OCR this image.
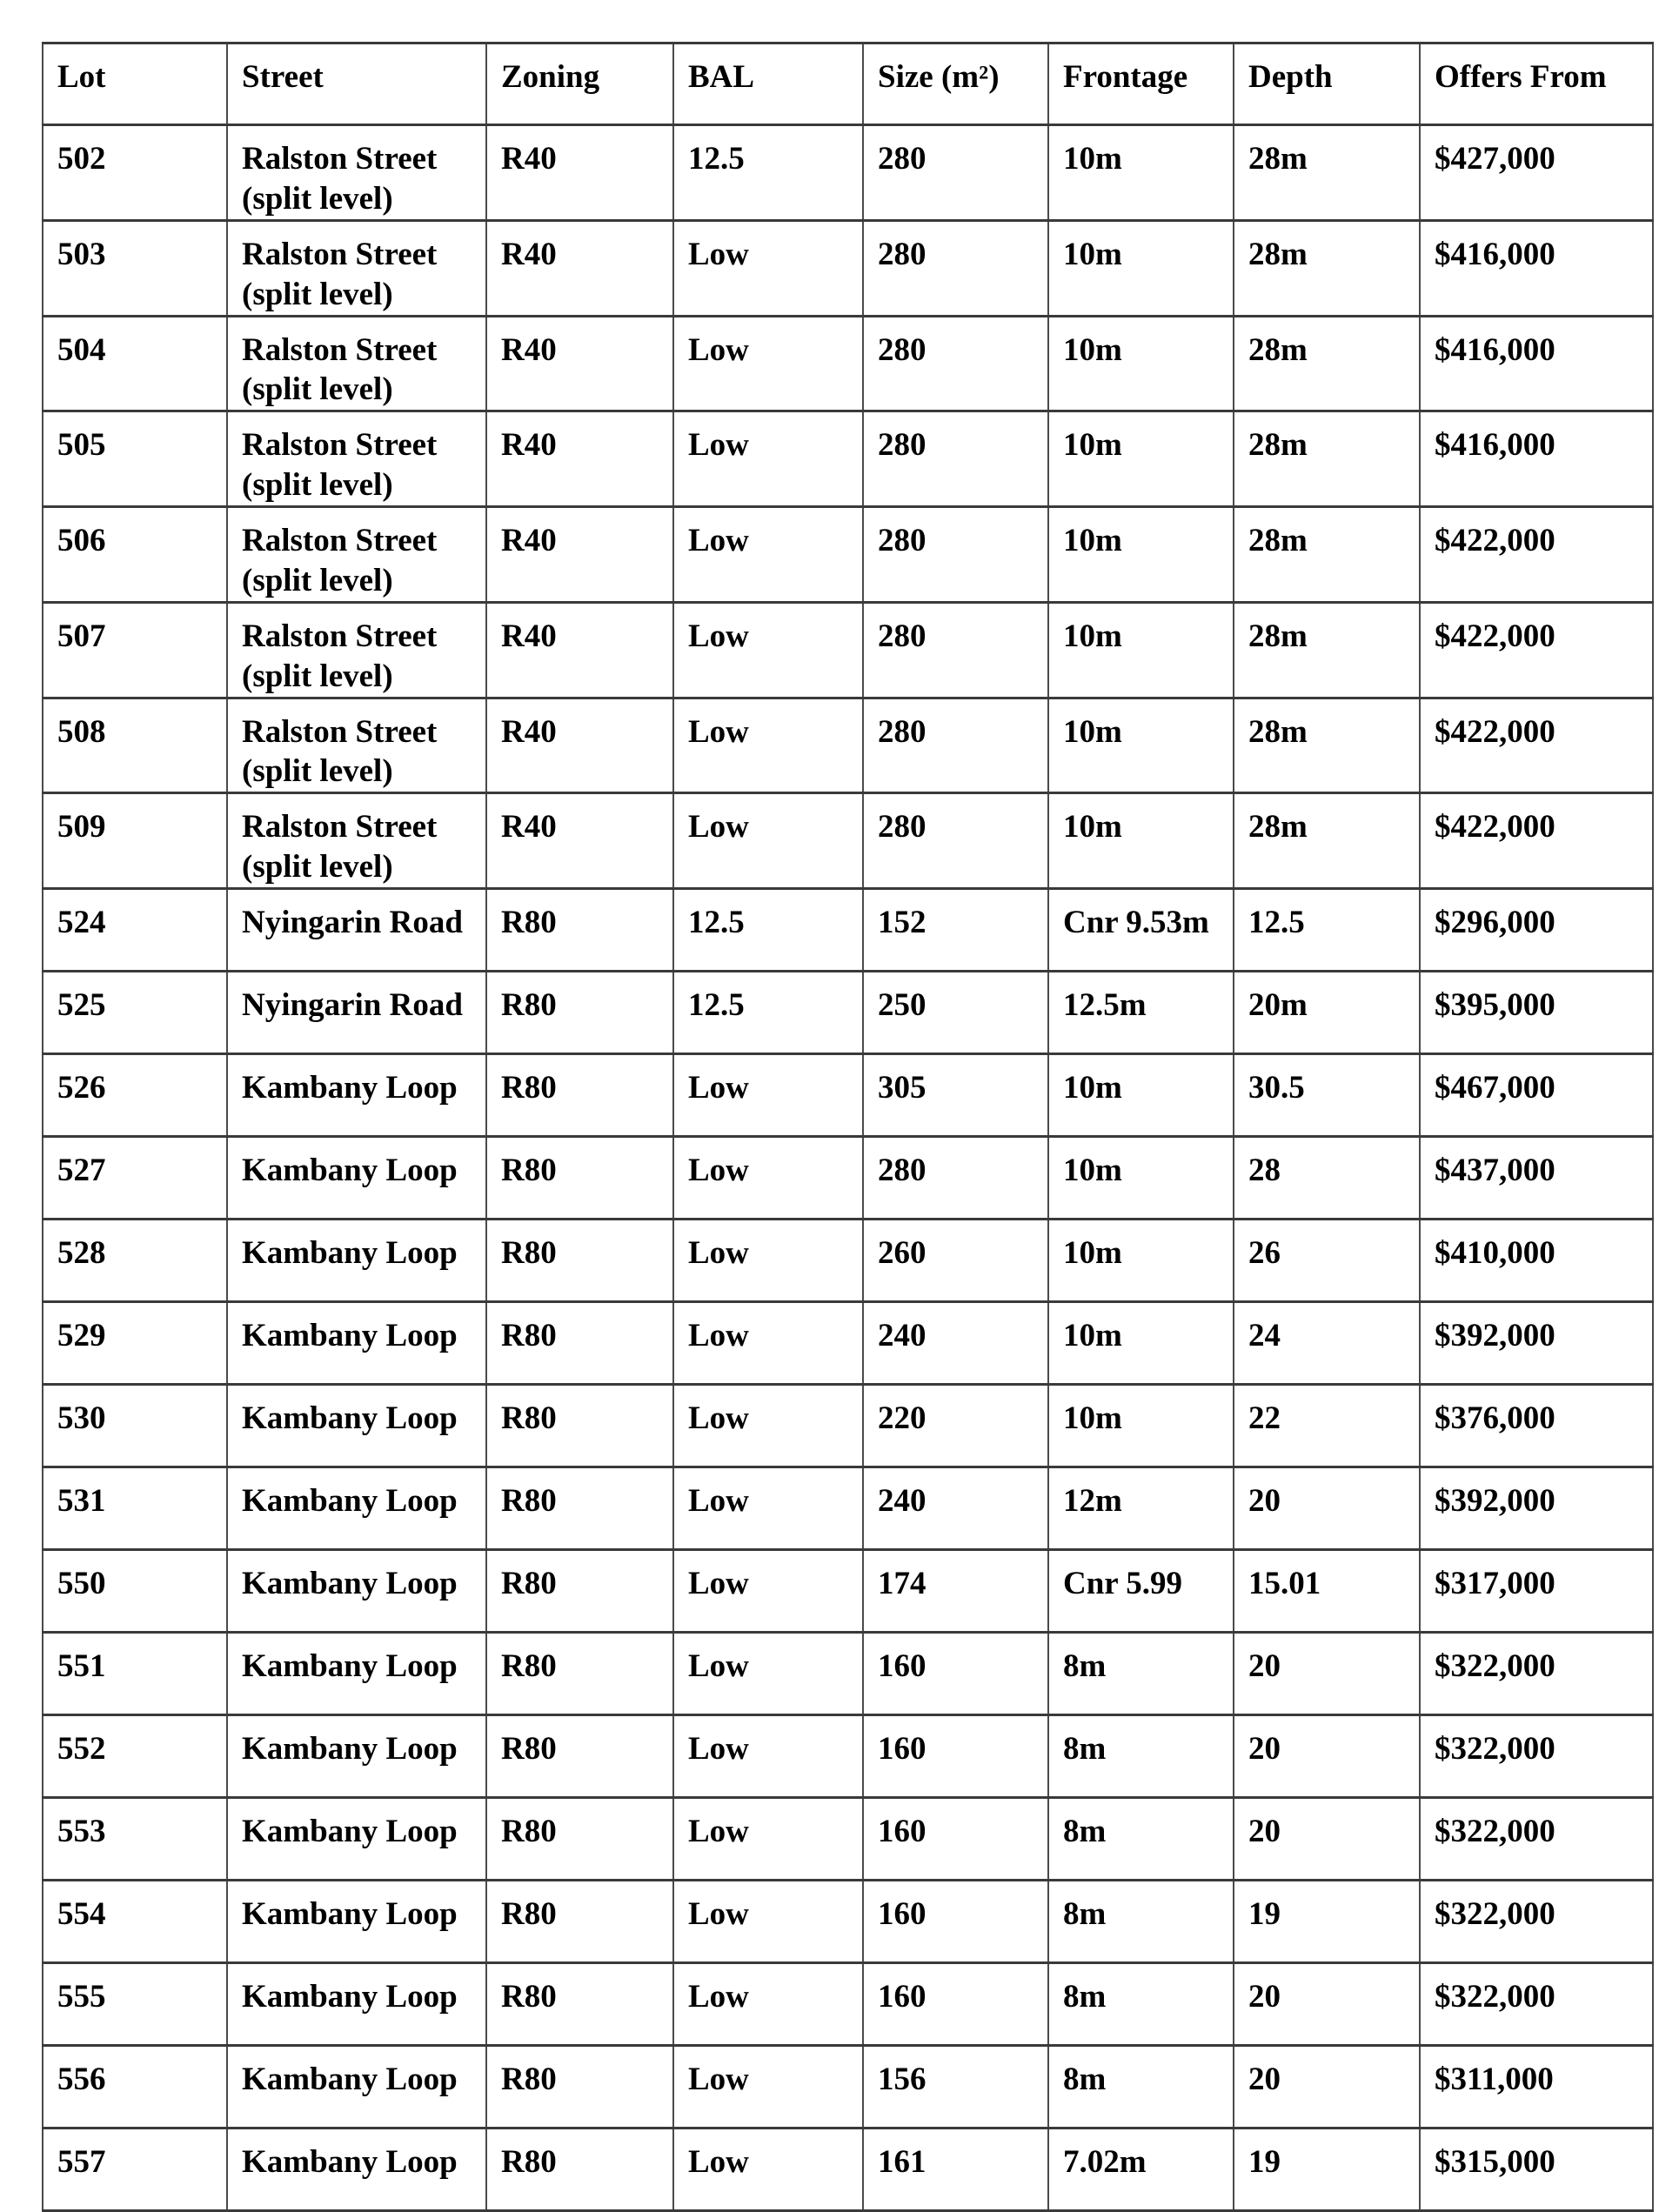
Lot	Street	Zoning	BAL	Size (m²)	Frontage	Depth	Offers From
502	Ralston Street (split level)	R40	12.5	280	10m	28m	$427,000
503	Ralston Street (split level)	R40	Low	280	10m	28m	$416,000
504	Ralston Street (split level)	R40	Low	280	10m	28m	$416,000
505	Ralston Street (split level)	R40	Low	280	10m	28m	$416,000
506	Ralston Street (split level)	R40	Low	280	10m	28m	$422,000
507	Ralston Street (split level)	R40	Low	280	10m	28m	$422,000
508	Ralston Street (split level)	R40	Low	280	10m	28m	$422,000
509	Ralston Street (split level)	R40	Low	280	10m	28m	$422,000
524	Nyingarin Road	R80	12.5	152	Cnr 9.53m	12.5	$296,000
525	Nyingarin Road	R80	12.5	250	12.5m	20m	$395,000
526	Kambany Loop	R80	Low	305	10m	30.5	$467,000
527	Kambany Loop	R80	Low	280	10m	28	$437,000
528	Kambany Loop	R80	Low	260	10m	26	$410,000
529	Kambany Loop	R80	Low	240	10m	24	$392,000
530	Kambany Loop	R80	Low	220	10m	22	$376,000
531	Kambany Loop	R80	Low	240	12m	20	$392,000
550	Kambany Loop	R80	Low	174	Cnr 5.99	15.01	$317,000
551	Kambany Loop	R80	Low	160	8m	20	$322,000
552	Kambany Loop	R80	Low	160	8m	20	$322,000
553	Kambany Loop	R80	Low	160	8m	20	$322,000
554	Kambany Loop	R80	Low	160	8m	19	$322,000
555	Kambany Loop	R80	Low	160	8m	20	$322,000
556	Kambany Loop	R80	Low	156	8m	20	$311,000
557	Kambany Loop	R80	Low	161	7.02m	19	$315,000
